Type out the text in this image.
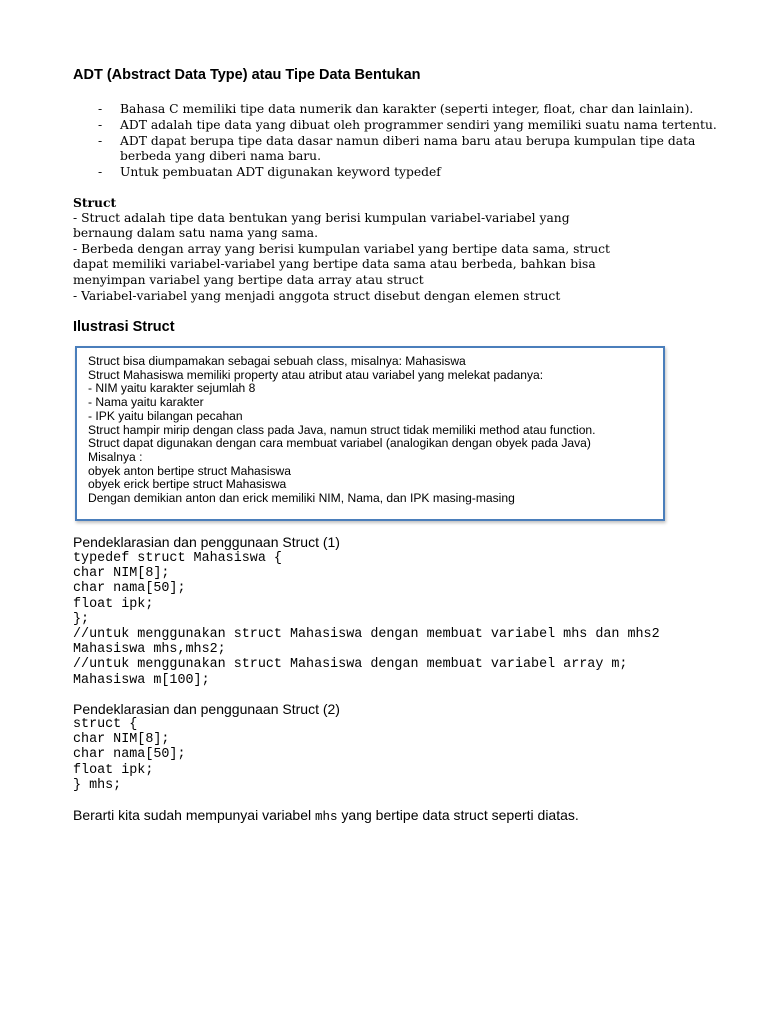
ADT (Abstract Data Type) atau Tipe Data Bentukan
- Bahasa C memiliki tipe data numerik dan karakter (seperti integer, float, char dan lainlain).
- ADT adalah tipe data yang dibuat oleh programmer sendiri yang memiliki suatu nama tertentu.
- ADT dapat berupa tipe data dasar namun diberi nama baru atau berupa kumpulan tipe data
berbeda yang diberi nama baru.
- Untuk pembuatan ADT digunakan keyword typedef
Struct
- Struct adalah tipe data bentukan yang berisi kumpulan variabel-variabel yang
bernaung dalam satu nama yang sama.
- Berbeda dengan array yang berisi kumpulan variabel yang bertipe data sama, struct
dapat memiliki variabel-variabel yang bertipe data sama atau berbeda, bahkan bisa
menyimpan variabel yang bertipe data array atau struct
- Variabel-variabel yang menjadi anggota struct disebut dengan elemen struct
Ilustrasi Struct
Struct bisa diumpamakan sebagai sebuah class, misalnya: Mahasiswa
Struct Mahasiswa memiliki property atau atribut atau variabel yang melekat padanya:
- NIM yaitu karakter sejumlah 8
- Nama yaitu karakter
- IPK yaitu bilangan pecahan
Struct hampir mirip dengan class pada Java, namun struct tidak memiliki method atau function.
Struct dapat digunakan dengan cara membuat variabel (analogikan dengan obyek pada Java)
Misalnya :
obyek anton bertipe struct Mahasiswa
obyek erick bertipe struct Mahasiswa
Dengan demikian anton dan erick memiliki NIM, Nama, dan IPK masing-masing
Pendeklarasian dan penggunaan Struct (1)
typedef struct Mahasiswa {
char NIM[8];
char nama[50];
float ipk;
};
//untuk menggunakan struct Mahasiswa dengan membuat variabel mhs dan mhs2
Mahasiswa mhs,mhs2;
//untuk menggunakan struct Mahasiswa dengan membuat variabel array m;
Mahasiswa m[100];
Pendeklarasian dan penggunaan Struct (2)
struct {
char NIM[8];
char nama[50];
float ipk;
} mhs;
Berarti kita sudah mempunyai variabel mhs yang bertipe data struct seperti diatas.
